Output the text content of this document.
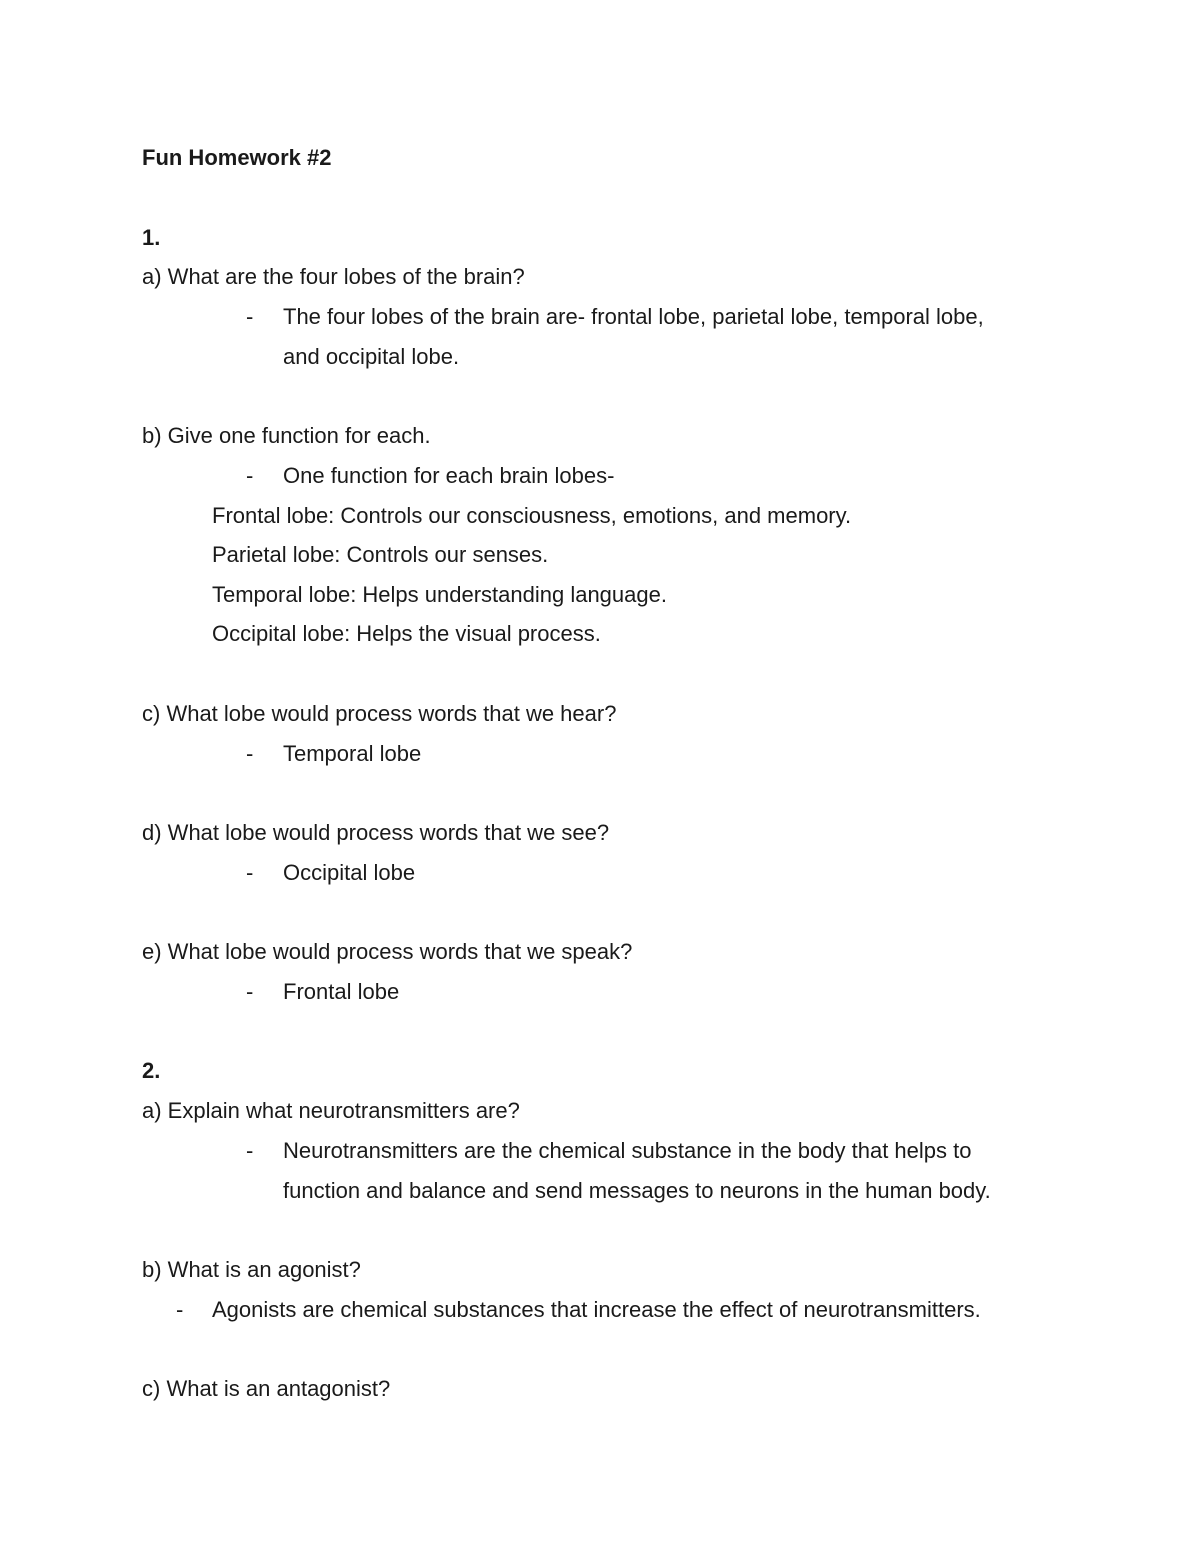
Fun Homework #2
1.
a) What are the four lobes of the brain?
- The four lobes of the brain are- frontal lobe, parietal lobe, temporal lobe,
and occipital lobe.
b) Give one function for each.
- One function for each brain lobes-
Frontal lobe: Controls our consciousness, emotions, and memory.
Parietal lobe: Controls our senses.
Temporal lobe: Helps understanding language.
Occipital lobe: Helps the visual process.
c) What lobe would process words that we hear?
- Temporal lobe
d) What lobe would process words that we see?
- Occipital lobe
e) What lobe would process words that we speak?
- Frontal lobe
2.
a) Explain what neurotransmitters are?
- Neurotransmitters are the chemical substance in the body that helps to
function and balance and send messages to neurons in the human body.
b) What is an agonist?
- Agonists are chemical substances that increase the effect of neurotransmitters.
c) What is an antagonist?
